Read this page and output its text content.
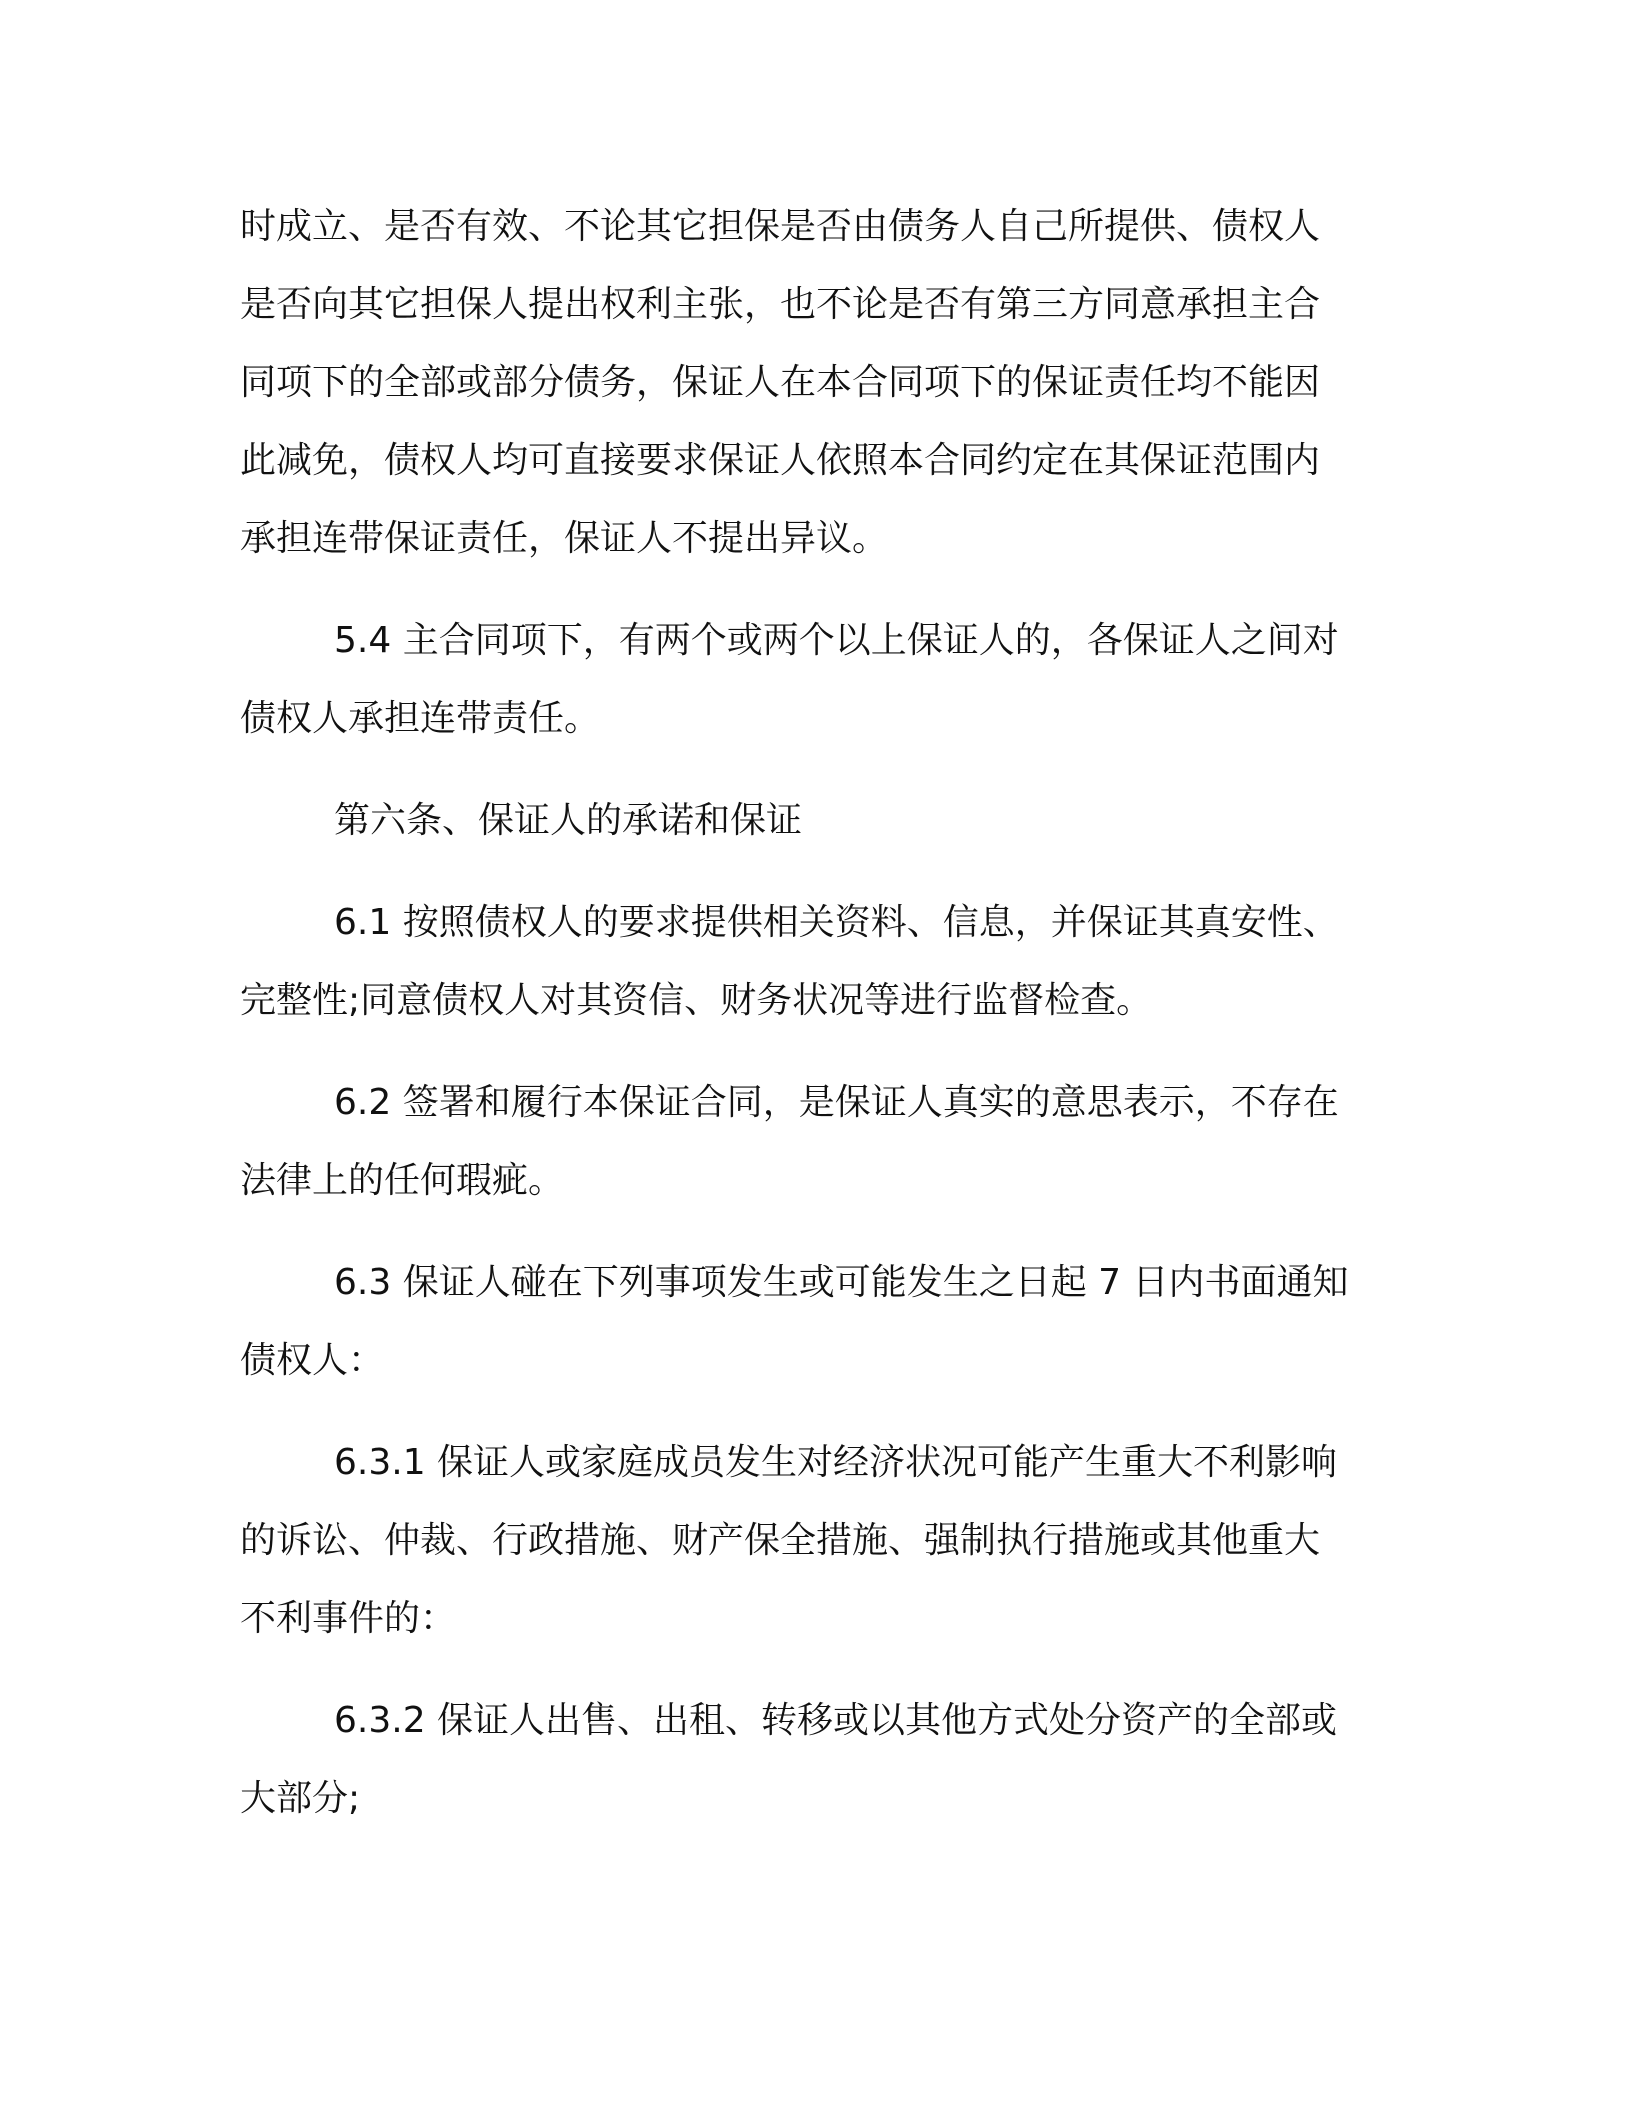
时成立、是否有效、不论其它担保是否由债务人自己所提供、债权人
是否向其它担保人提出权利主张，也不论是否有第三方同意承担主合
同项下的全部或部分债务，保证人在本合同项下的保证责任均不能因
此减免，债权人均可直接要求保证人依照本合同约定在其保证范围内
承担连带保证责任，保证人不提出异议。
5.4 主合同项下，有两个或两个以上保证人的，各保证人之间对
债权人承担连带责任。
第六条、保证人的承诺和保证
6.1 按照债权人的要求提供相关资料、信息，并保证其真安性、
完整性;同意债权人对其资信、财务状况等进行监督检查。
6.2 签署和履行本保证合同，是保证人真实的意思表示，不存在
法律上的任何瑕疵。
6.3 保证人碰在下列事项发生或可能发生之日起 7 日内书面通知
债权人：
6.3.1 保证人或家庭成员发生对经济状况可能产生重大不利影响
的诉讼、仲裁、行政措施、财产保全措施、强制执行措施或其他重大
不利事件的：
6.3.2 保证人出售、出租、转移或以其他方式处分资产的全部或
大部分;
